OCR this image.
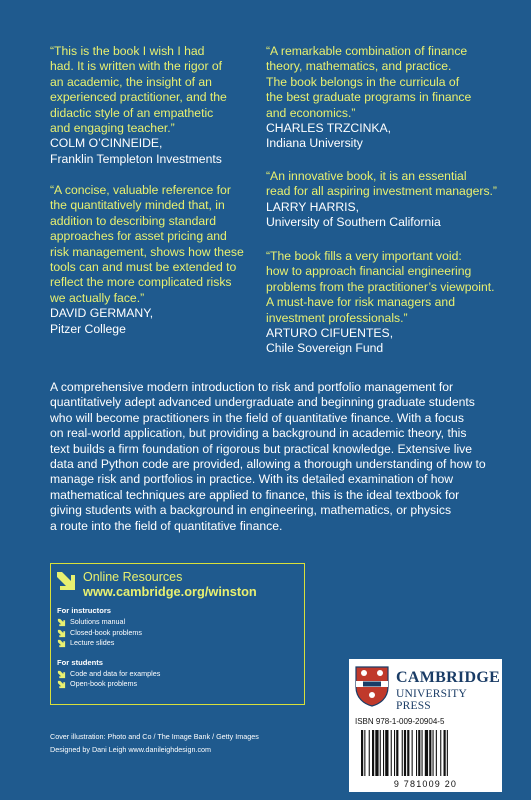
“This is the book I wish I had
had. It is written with the rigor of
an academic, the insight of an
experienced practitioner, and the
didactic style of an empathetic
and engaging teacher.”
COLM O’CINNEIDE,
Franklin Templeton Investments
“A concise, valuable reference for
the quantitatively minded that, in
addition to describing standard
approaches for asset pricing and
risk management, shows how these
tools can and must be extended to
reflect the more complicated risks
we actually face.”
DAVID GERMANY,
Pitzer College
“A remarkable combination of finance
theory, mathematics, and practice.
The book belongs in the curricula of
the best graduate programs in finance
and economics.”
CHARLES TRZCINKA,
Indiana University
“An innovative book, it is an essential
read for all aspiring investment managers.”
LARRY HARRIS,
University of Southern California
“The book fills a very important void:
how to approach financial engineering
problems from the practitioner’s viewpoint.
A must-have for risk managers and
investment professionals.”
ARTURO CIFUENTES,
Chile Sovereign Fund
A comprehensive modern introduction to risk and portfolio management for
quantitatively adept advanced undergraduate and beginning graduate students
who will become practitioners in the field of quantitative finance. With a focus
on real-world application, but providing a background in academic theory, this
text builds a firm foundation of rigorous but practical knowledge. Extensive live
data and Python code are provided, allowing a thorough understanding of how to
manage risk and portfolios in practice. With its detailed examination of how
mathematical techniques are applied to finance, this is the ideal textbook for
giving students with a background in engineering, mathematics, or physics
a route into the field of quantitative finance.
Online Resources
www.cambridge.org/winston
For instructors
Solutions manual
Closed-book problems
Lecture slides
For students
Code and data for examples
Open-book problems	CAMBRIDGE
UNIVERSITY PRESS
ISBN 978-1-009-20904-5
9 781009 20
Cover illustration: Photo and Co / The Image Bank / Getty Images
Designed by Dani Leigh www.danileighdesign.com
